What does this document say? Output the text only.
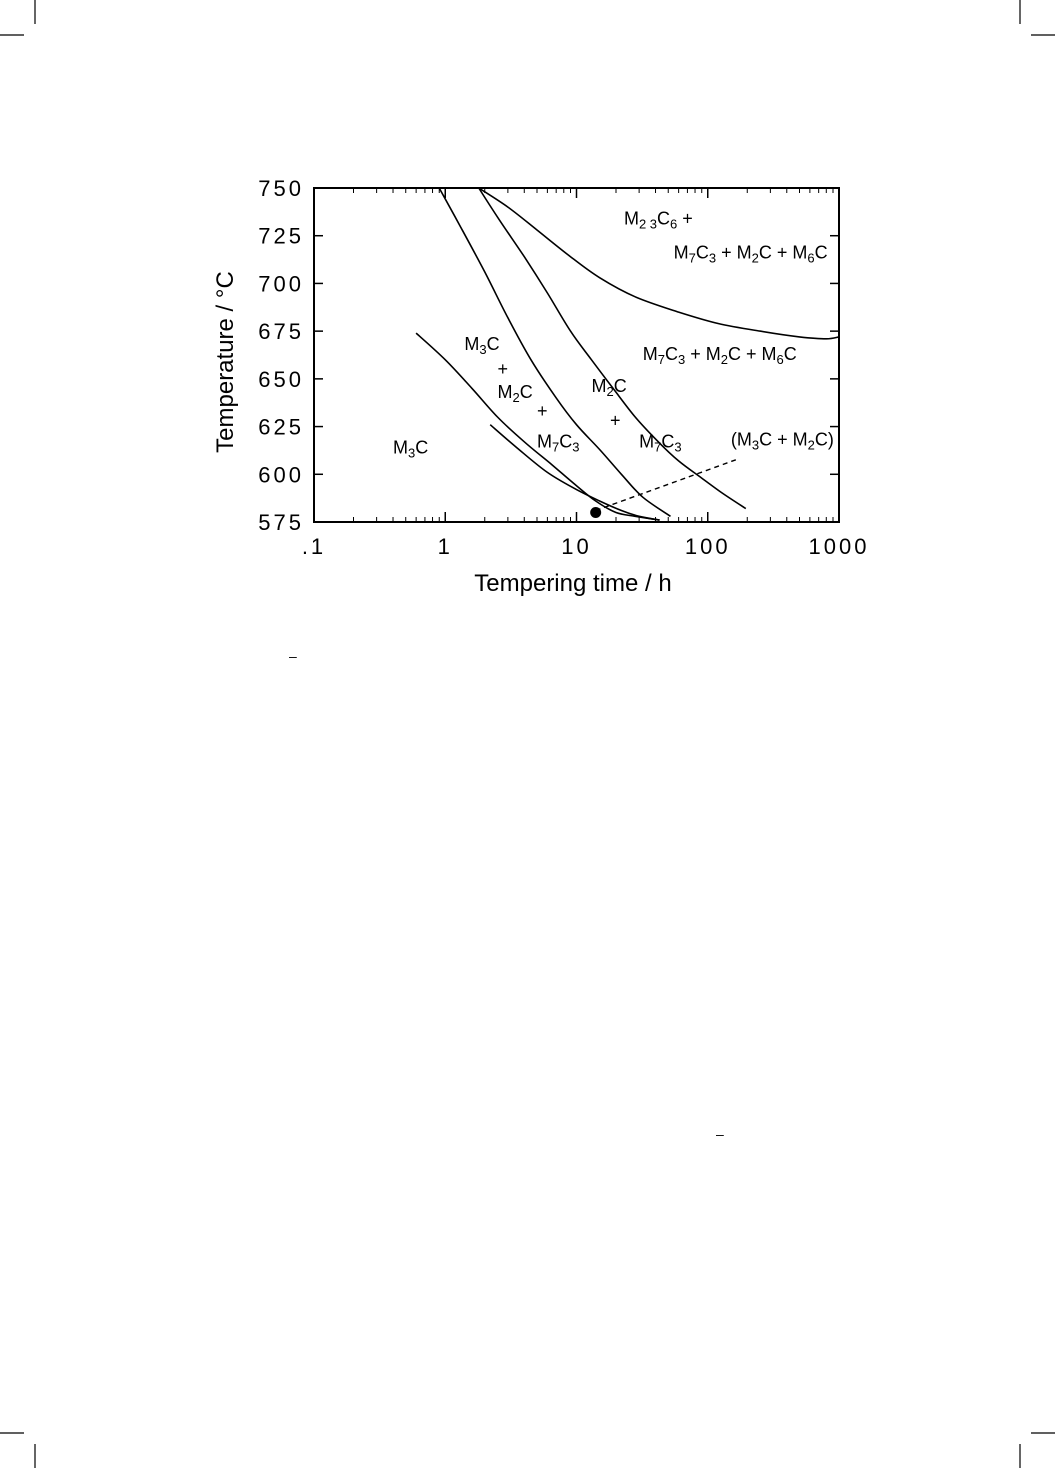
–
–
.1	1	10	100	1000
575
600
625
650
675
700
725
750
M3C
M3C
+
M2C
+
M7C3
M2C
+
M7C3
M2 3C6 +
M7C3 + M2C + M6C
M7C3 + M2C + M6C
(M3C + M2C)
Tempering time / h
Temperature / °C
